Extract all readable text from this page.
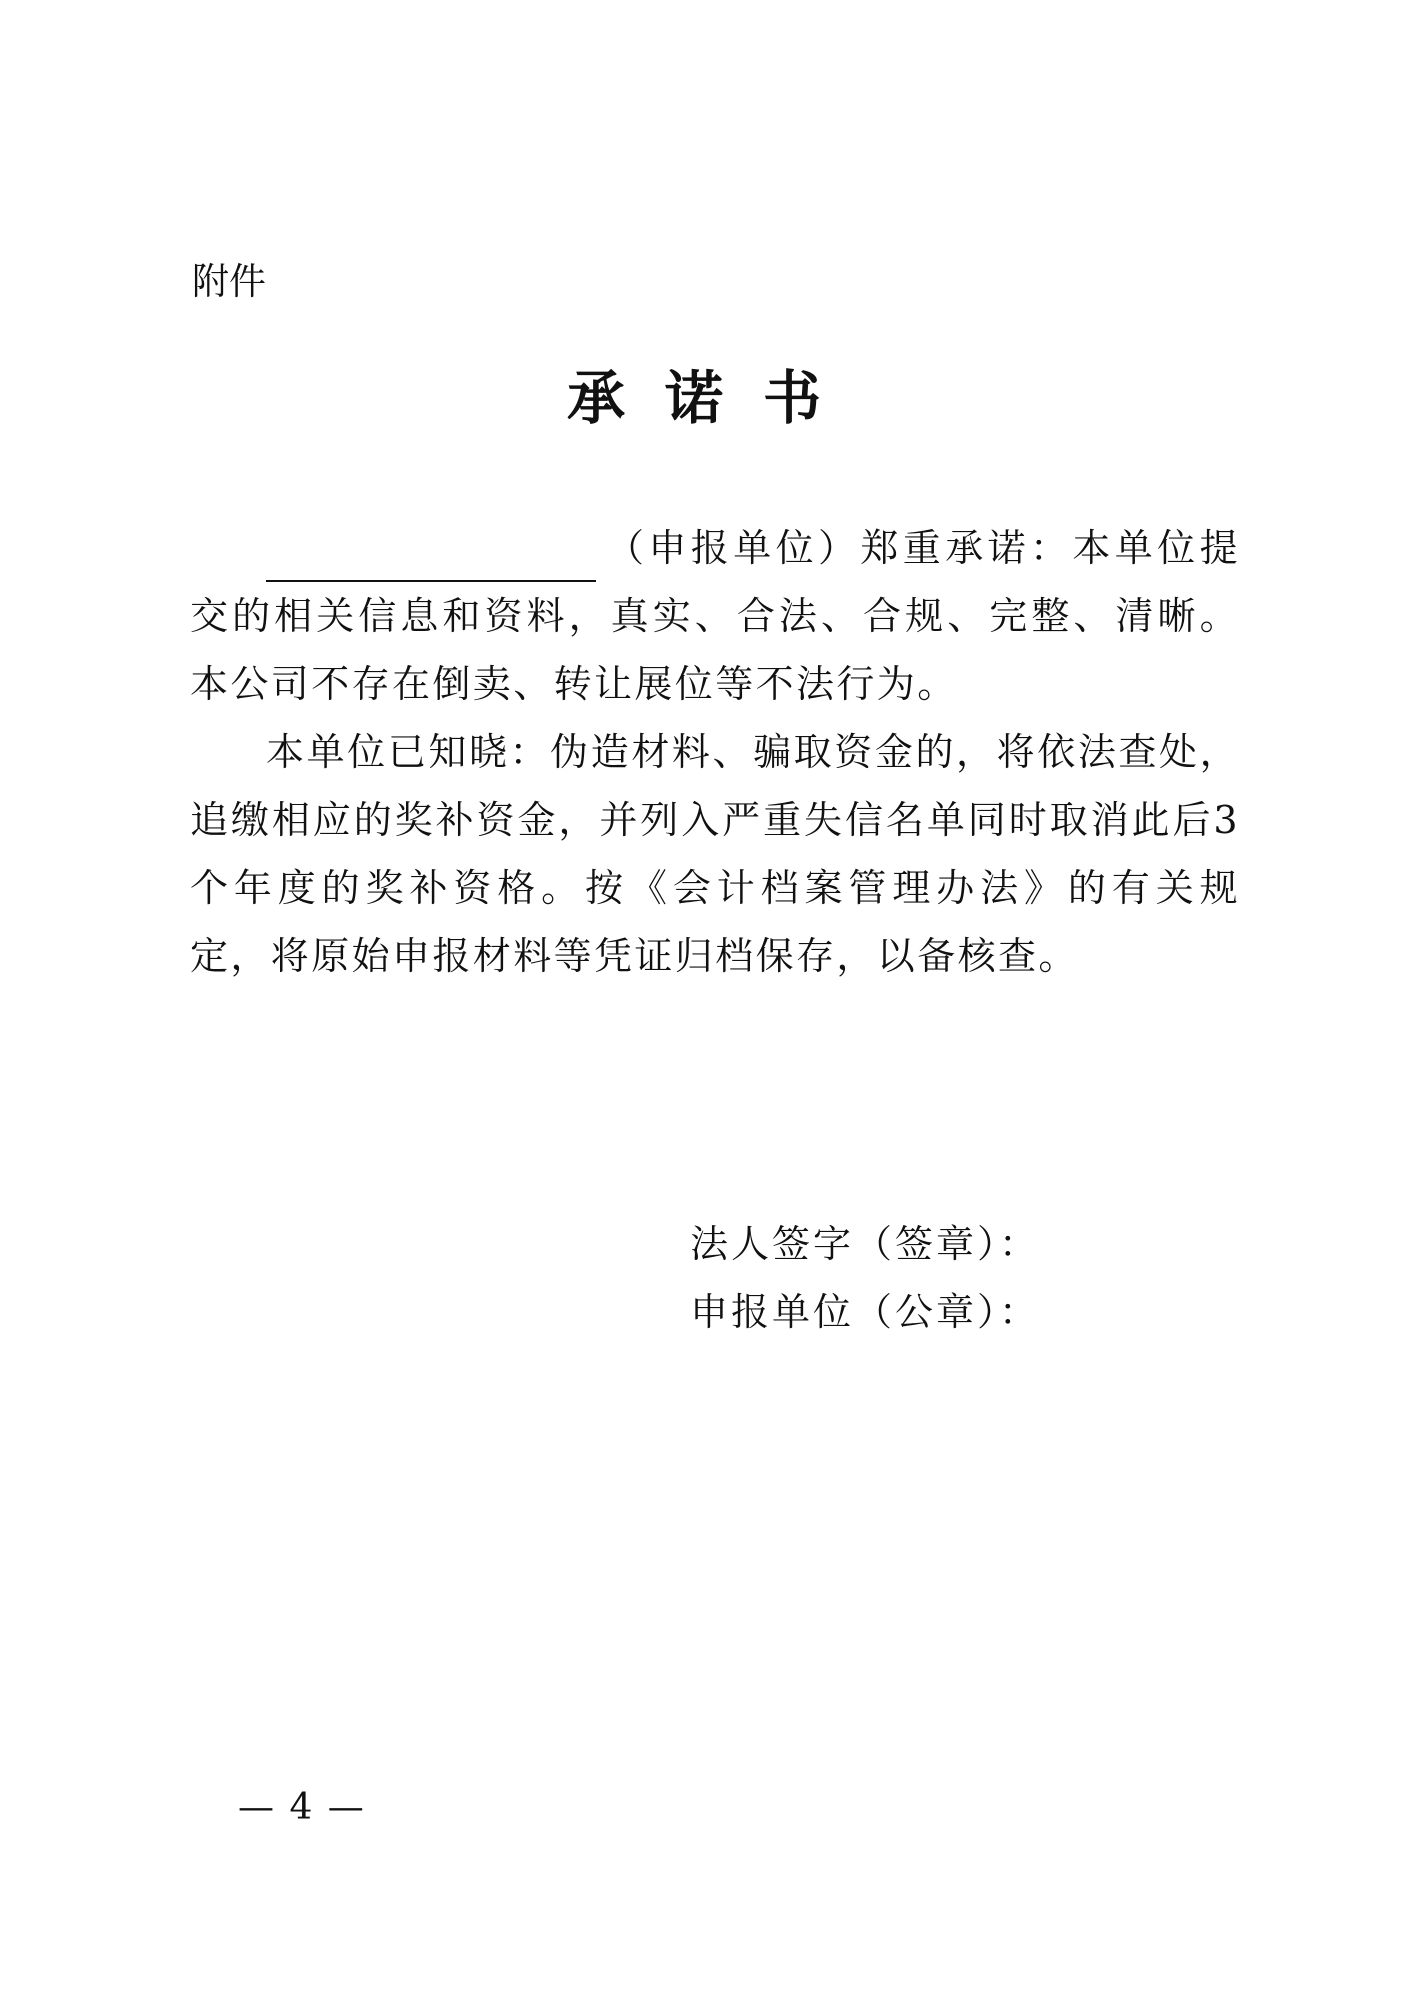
附件
承诺书

（申报单位）郑重承诺：本单位提交的相关信息和资料，真实、合法、合规、完整、清晰。本公司不存在倒卖、转让展位等不法行为。

本单位已知晓：伪造材料、骗取资金的，将依法查处，追缴相应的奖补资金，并列入严重失信名单同时取消此后3个年度的奖补资格。按《会计档案管理办法》的有关规定，将原始申报材料等凭证归档保存，以备核查。

法人签字（签章）：
申报单位（公章）：
— 4 —
